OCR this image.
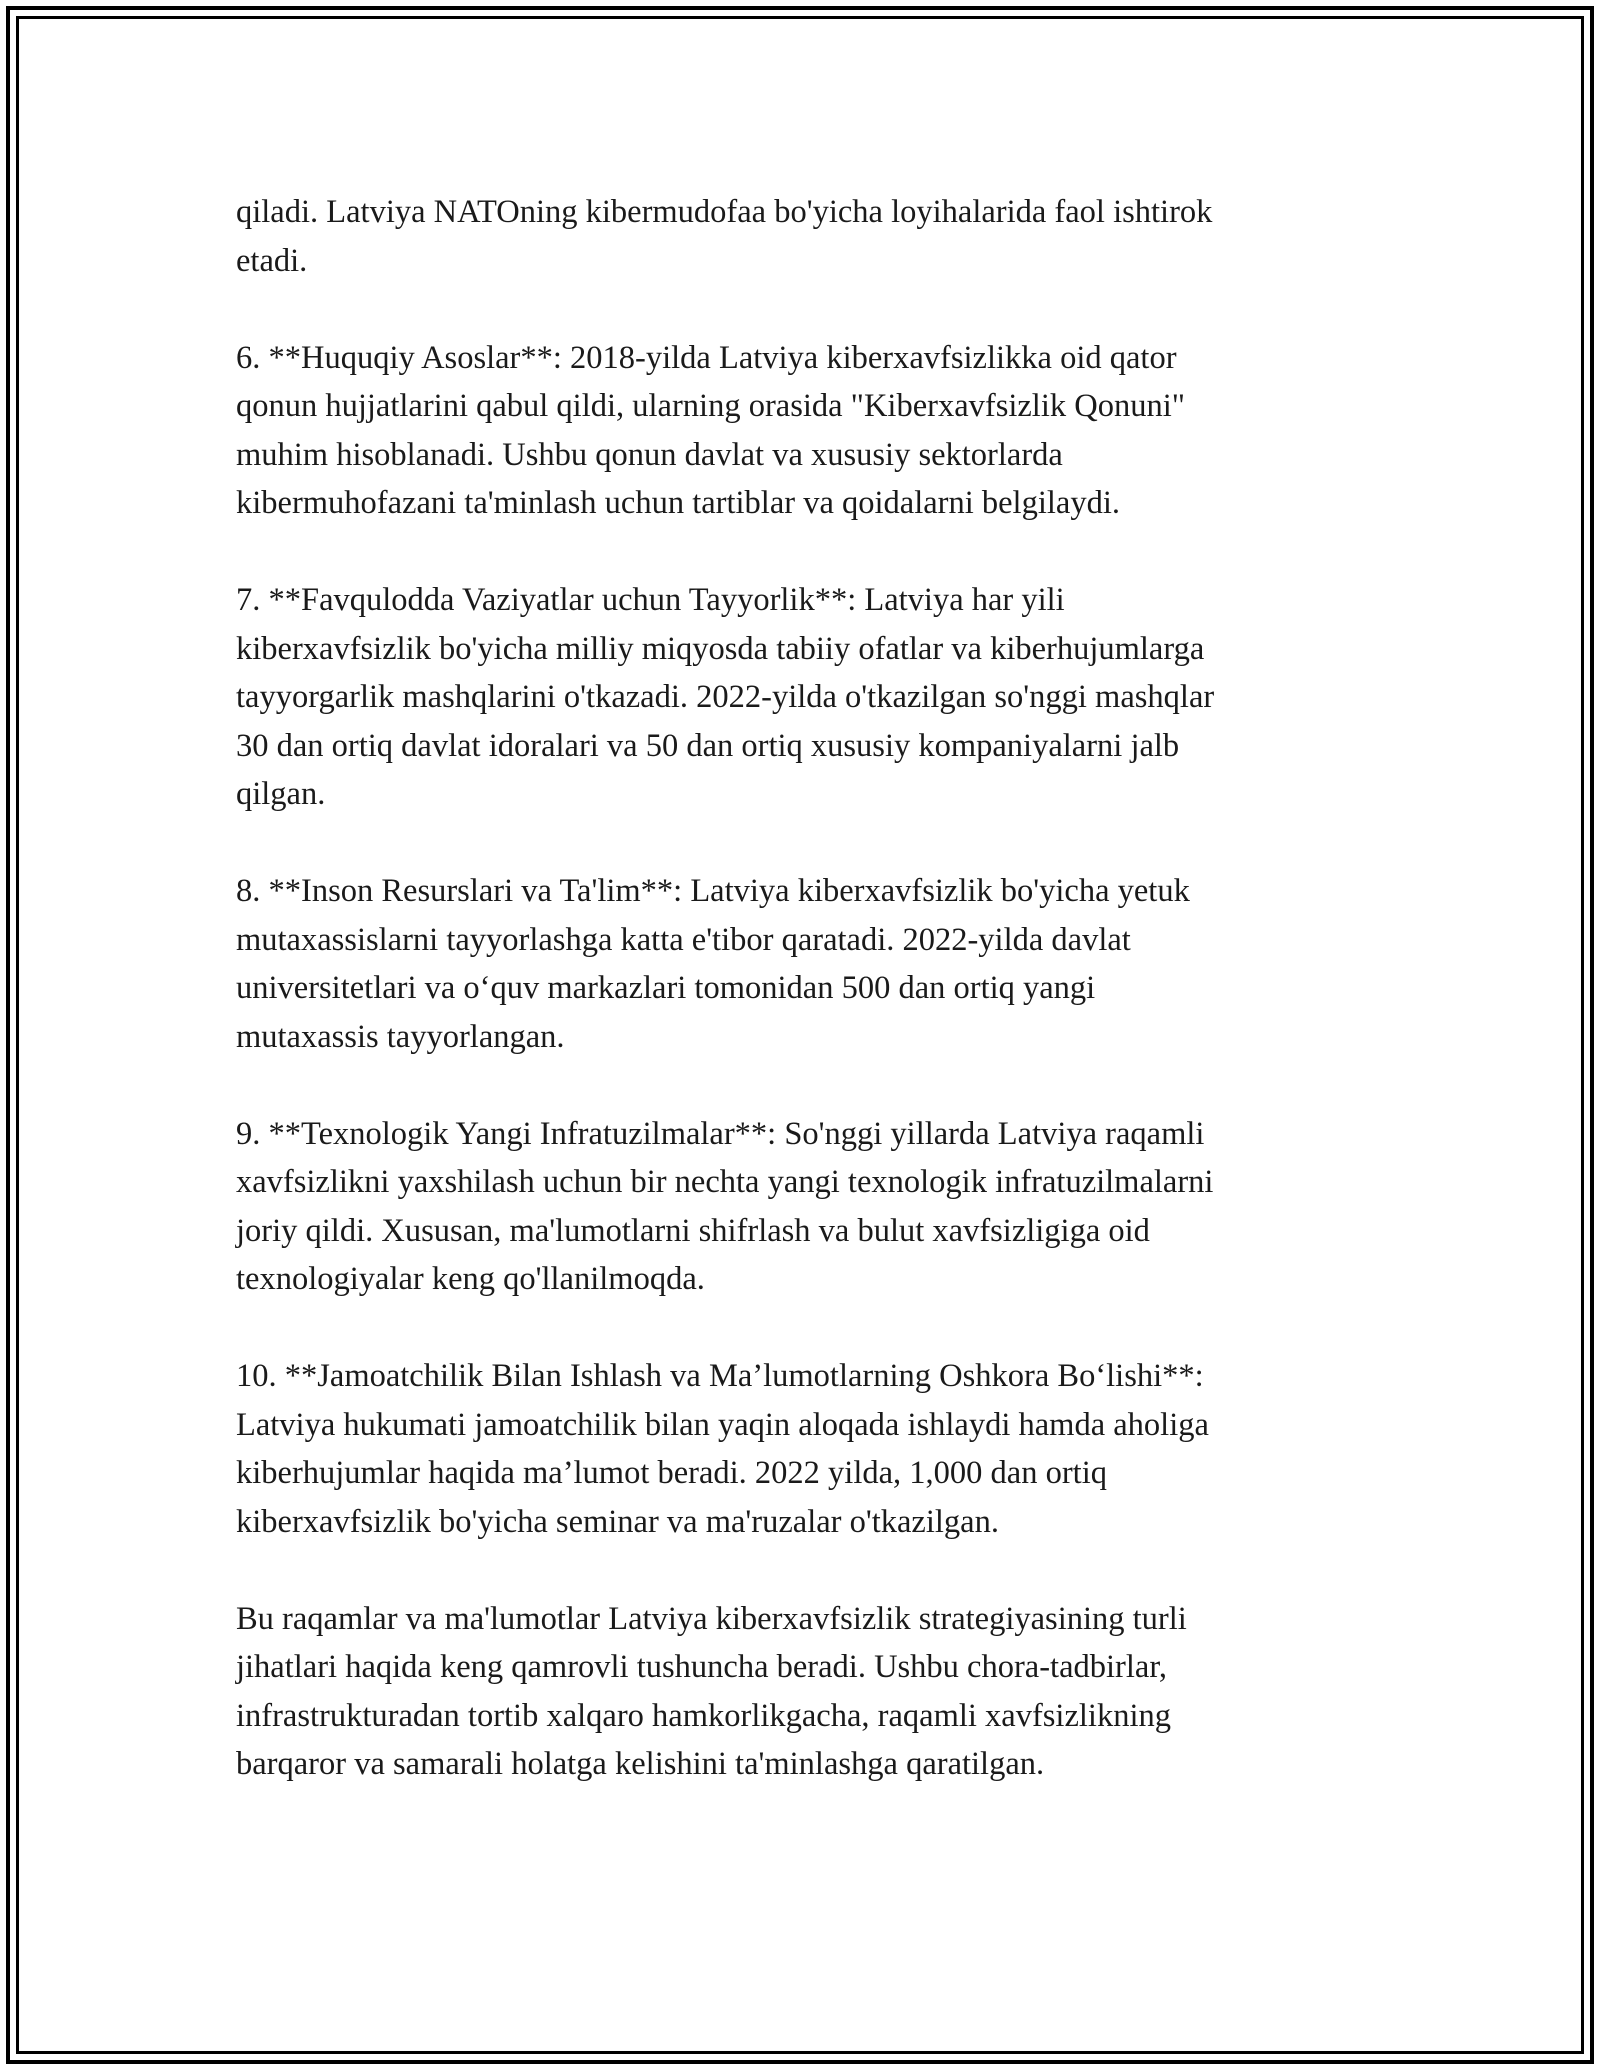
qiladi. Latviya NATOning kibermudofaa bo'yicha loyihalarida faol ishtirok
etadi.

6. **Huquqiy Asoslar**: 2018-yilda Latviya kiberxavfsizlikka oid qator
qonun hujjatlarini qabul qildi, ularning orasida "Kiberxavfsizlik Qonuni"
muhim hisoblanadi. Ushbu qonun davlat va xususiy sektorlarda
kibermuhofazani ta'minlash uchun tartiblar va qoidalarni belgilaydi.

7. **Favqulodda Vaziyatlar uchun Tayyorlik**: Latviya har yili
kiberxavfsizlik bo'yicha milliy miqyosda tabiiy ofatlar va kiberhujumlarga
tayyorgarlik mashqlarini o'tkazadi. 2022-yilda o'tkazilgan so'nggi mashqlar
30 dan ortiq davlat idoralari va 50 dan ortiq xususiy kompaniyalarni jalb
qilgan.

8. **Inson Resurslari va Ta'lim**: Latviya kiberxavfsizlik bo'yicha yetuk
mutaxassislarni tayyorlashga katta e'tibor qaratadi. 2022-yilda davlat
universitetlari va o‘quv markazlari tomonidan 500 dan ortiq yangi
mutaxassis tayyorlangan.

9. **Texnologik Yangi Infratuzilmalar**: So'nggi yillarda Latviya raqamli
xavfsizlikni yaxshilash uchun bir nechta yangi texnologik infratuzilmalarni
joriy qildi. Xususan, ma'lumotlarni shifrlash va bulut xavfsizligiga oid
texnologiyalar keng qo'llanilmoqda.

10. **Jamoatchilik Bilan Ishlash va Ma’lumotlarning Oshkora Bo‘lishi**:
Latviya hukumati jamoatchilik bilan yaqin aloqada ishlaydi hamda aholiga
kiberhujumlar haqida ma’lumot beradi. 2022 yilda, 1,000 dan ortiq
kiberxavfsizlik bo'yicha seminar va ma'ruzalar o'tkazilgan.

Bu raqamlar va ma'lumotlar Latviya kiberxavfsizlik strategiyasining turli
jihatlari haqida keng qamrovli tushuncha beradi. Ushbu chora-tadbirlar,
infrastrukturadan tortib xalqaro hamkorlikgacha, raqamli xavfsizlikning
barqaror va samarali holatga kelishini ta'minlashga qaratilgan.
